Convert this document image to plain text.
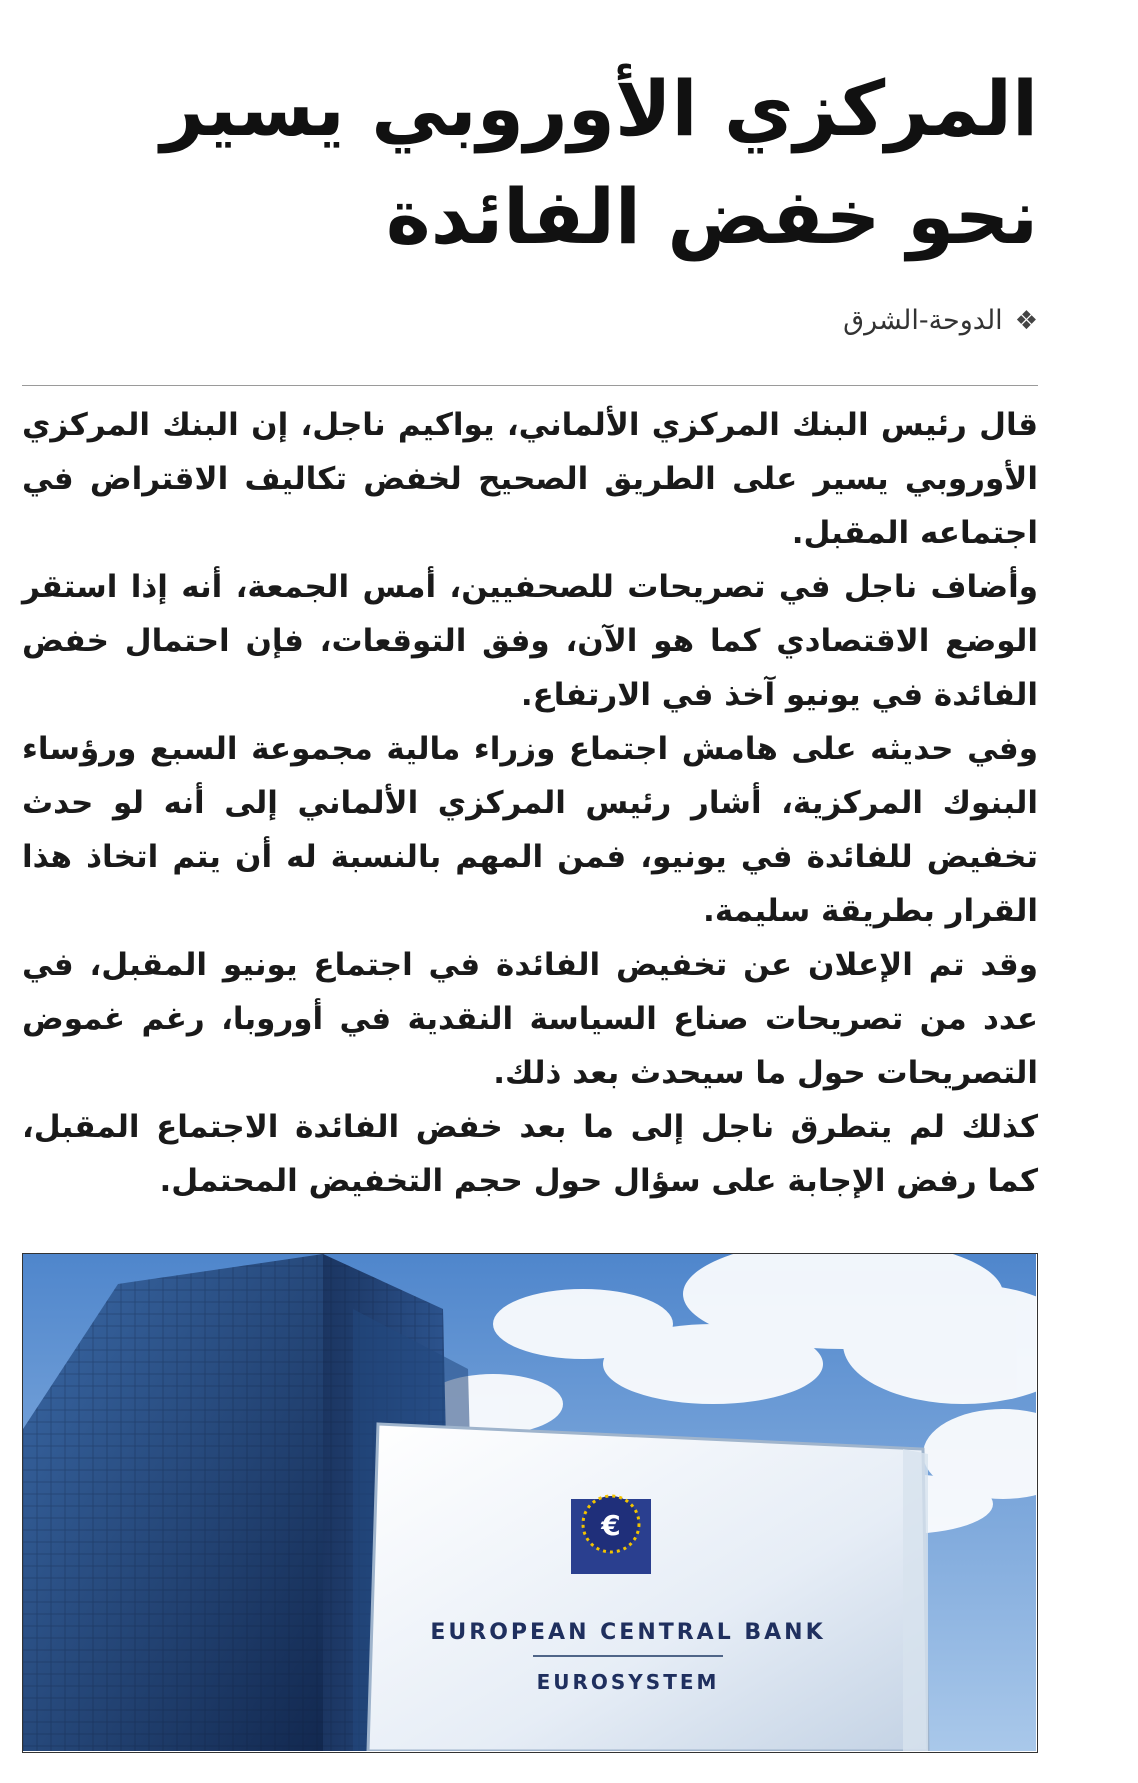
المركزي الأوروبي يسير
نحو خفض الفائدة
❖
الدوحة-الشرق

قال رئيس البنك المركزي الألماني، يواكيم ناجل، إن البنك المركزي الأوروبي يسير على الطريق الصحيح لخفض تكاليف الاقتراض في اجتماعه المقبل.

وأضاف ناجل في تصريحات للصحفيين، أمس الجمعة، أنه إذا استقر الوضع الاقتصادي كما هو الآن، وفق التوقعات، فإن احتمال خفض الفائدة في يونيو آخذ في الارتفاع.

وفي حديثه على هامش اجتماع وزراء مالية مجموعة السبع ورؤساء البنوك المركزية، أشار رئيس المركزي الألماني إلى أنه لو حدث تخفيض للفائدة في يونيو، فمن المهم بالنسبة له أن يتم اتخاذ هذا القرار بطريقة سليمة.

وقد تم الإعلان عن تخفيض الفائدة في اجتماع يونيو المقبل، في عدد من تصريحات صناع السياسة النقدية في أوروبا، رغم غموض التصريحات حول ما سيحدث بعد ذلك.

كذلك لم يتطرق ناجل إلى ما بعد خفض الفائدة الاجتماع المقبل، كما رفض الإجابة على سؤال حول حجم التخفيض المحتمل.

€
EUROPEAN CENTRAL BANK
EUROSYSTEM
